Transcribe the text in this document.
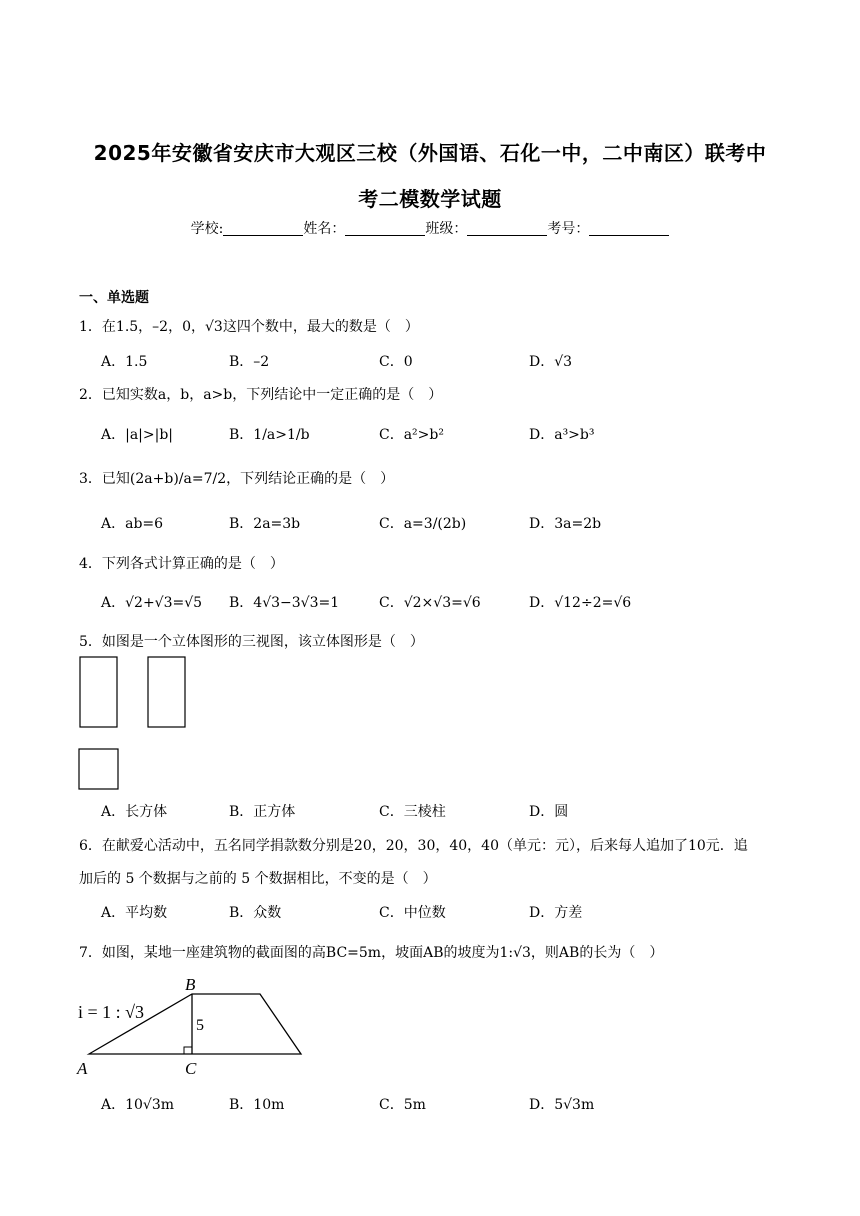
2025年安徽省安庆市大观区三校（外国语、石化一中，二中南区）联考中
考二模数学试题
学校:	姓名：	班级：	考号：
一、单选题
1．在1.5，–2，0，√3这四个数中，最大的数是（　）
A．1.5	B．–2	C．0	D．√3
2．已知实数a，b，a>b，下列结论中一定正确的是（　）
A．|a|>|b|	B．1/a>1/b	C．a²>b²	D．a³>b³
3．已知(2a+b)/a=7/2，下列结论正确的是（　）
A．ab=6	B．2a=3b	C．a=3/(2b)	D．3a=2b
4．下列各式计算正确的是（　）
A．√2+√3=√5 B．4√3−3√3=1	C．√2×√3=√6	D．√12÷2=√6
5．如图是一个立体图形的三视图，该立体图形是（　）
A．长方体	B．正方体	C．三棱柱	D．圆
6．在献爱心活动中，五名同学捐款数分别是20，20，30，40，40（单元：元），后来每人追加了10元．追
加后的 5 个数据与之前的 5 个数据相比，不变的是（　）
A．平均数	B．众数	C．中位数	D．方差
7．如图，某地一座建筑物的截面图的高BC=5m，坡面AB的坡度为1:√3，则AB的长为（　）
i = 1 : √3
5
A
B
C
A．10√3m	B．10m	C．5m	D．5√3m
